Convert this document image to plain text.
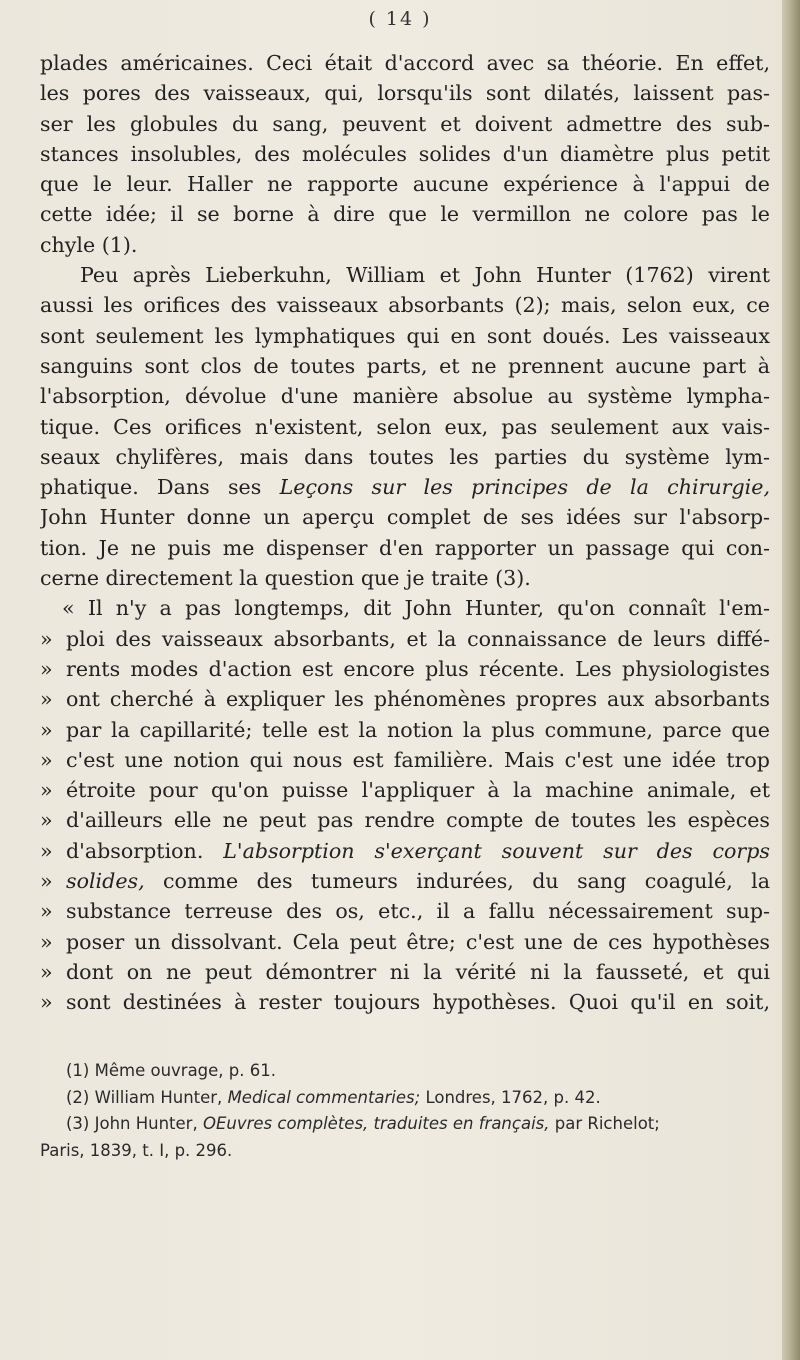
( 14 )
plades américaines. Ceci était d'accord avec sa théorie. En effet,
les pores des vaisseaux, qui, lorsqu'ils sont dilatés, laissent pas-
ser les globules du sang, peuvent et doivent admettre des sub-
stances insolubles, des molécules solides d'un diamètre plus petit
que le leur. Haller ne rapporte aucune expérience à l'appui de
cette idée; il se borne à dire que le vermillon ne colore pas le
chyle (1).
Peu après Lieberkuhn, William et John Hunter (1762) virent
aussi les orifices des vaisseaux absorbants (2); mais, selon eux, ce
sont seulement les lymphatiques qui en sont doués. Les vaisseaux
sanguins sont clos de toutes parts, et ne prennent aucune part à
l'absorption, dévolue d'une manière absolue au système lympha-
tique. Ces orifices n'existent, selon eux, pas seulement aux vais-
seaux chylifères, mais dans toutes les parties du système lym-
phatique. Dans ses Leçons sur les principes de la chirurgie,
John Hunter donne un aperçu complet de ses idées sur l'absorp-
tion. Je ne puis me dispenser d'en rapporter un passage qui con-
cerne directement la question que je traite (3).
« Il n'y a pas longtemps, dit John Hunter, qu'on connaît l'em-
» ploi des vaisseaux absorbants, et la connaissance de leurs diffé-
» rents modes d'action est encore plus récente. Les physiologistes
» ont cherché à expliquer les phénomènes propres aux absorbants
» par la capillarité; telle est la notion la plus commune, parce que
» c'est une notion qui nous est familière. Mais c'est une idée trop
» étroite pour qu'on puisse l'appliquer à la machine animale, et
» d'ailleurs elle ne peut pas rendre compte de toutes les espèces
» d'absorption. L'absorption s'exerçant souvent sur des corps
» solides, comme des tumeurs indurées, du sang coagulé, la
» substance terreuse des os, etc., il a fallu nécessairement sup-
» poser un dissolvant. Cela peut être; c'est une de ces hypothèses
» dont on ne peut démontrer ni la vérité ni la fausseté, et qui
» sont destinées à rester toujours hypothèses. Quoi qu'il en soit,
(1) Même ouvrage, p. 61.
(2) William Hunter, Medical commentaries; Londres, 1762, p. 42.
(3) John Hunter, OEuvres complètes, traduites en français, par Richelot;
Paris, 1839, t. I, p. 296.
